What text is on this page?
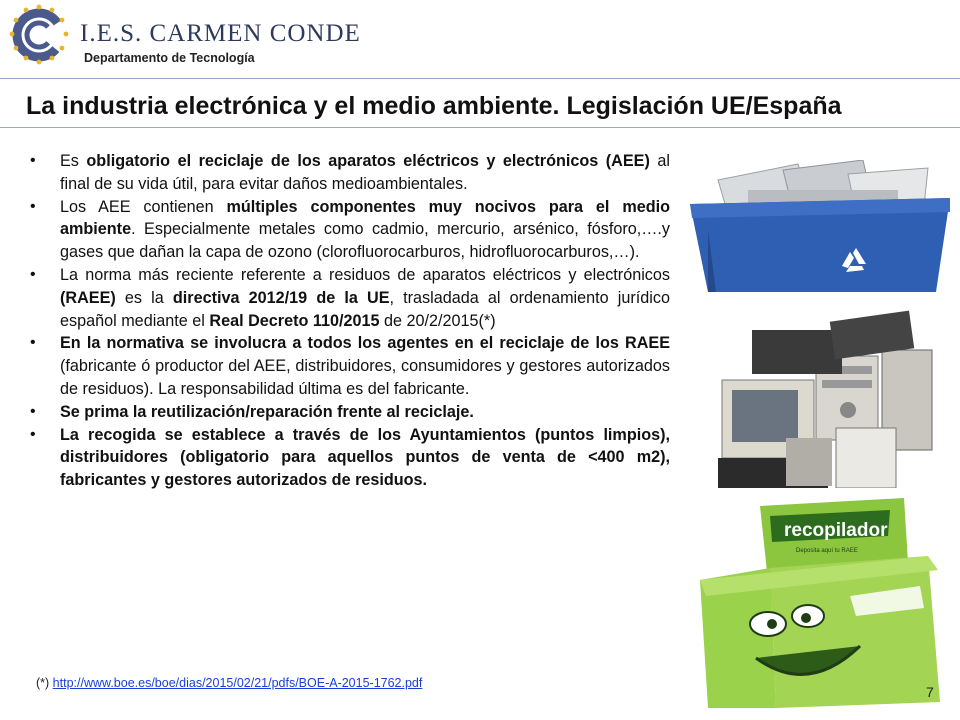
I.E.S. CARMEN CONDE
Departamento de Tecnología
La industria electrónica y el medio ambiente. Legislación UE/España
• Es obligatorio el reciclaje de los aparatos eléctricos y electrónicos (AEE) al final de su vida útil, para evitar daños medioambientales.
• Los AEE contienen múltiples componentes muy nocivos para el medio ambiente. Especialmente metales como cadmio, mercurio, arsénico, fósforo,….y gases que dañan la capa de ozono (clorofluorocarburos, hidrofluorocarburos,…).
• La norma más reciente referente a residuos de aparatos eléctricos y electrónicos (RAEE) es la directiva 2012/19 de la UE, trasladada al ordenamiento jurídico español mediante el Real Decreto 110/2015 de 20/2/2015(*)
• En la normativa se involucra a todos los agentes en el reciclaje de los RAEE (fabricante ó productor del AEE, distribuidores, consumidores y gestores autorizados de residuos). La responsabilidad última es del fabricante.
• Se prima la reutilización/reparación frente al reciclaje.
• La recogida se establece a través de los Ayuntamientos (puntos limpios), distribuidores (obligatorio para aquellos puntos de venta de <400 m2), fabricantes y gestores autorizados de residuos.
recopilador
Deposita aquí tu RAEE
(*) http://www.boe.es/boe/dias/2015/02/21/pdfs/BOE-A-2015-1762.pdf
7
